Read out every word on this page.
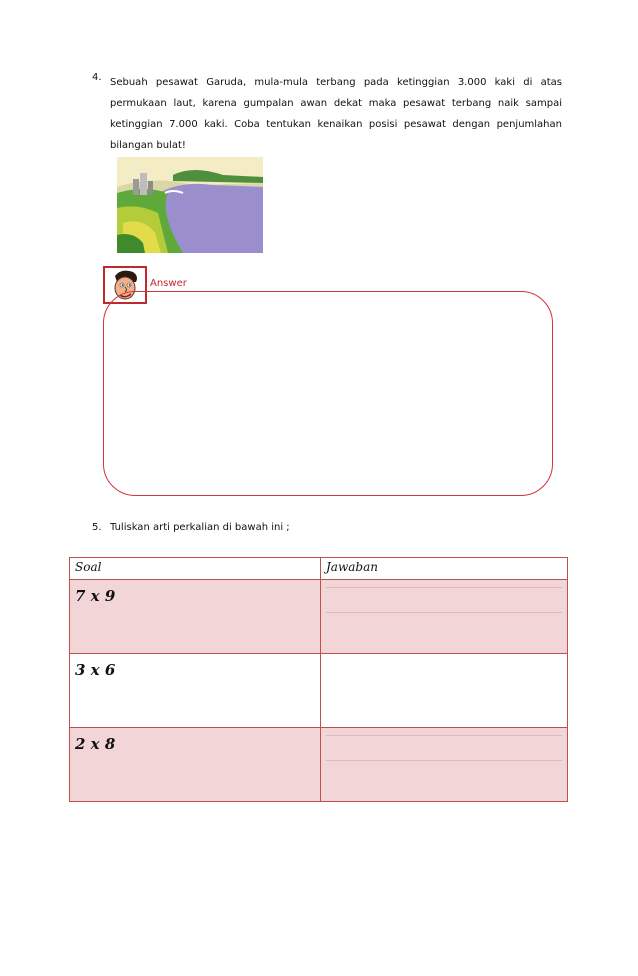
4. Sebuah pesawat Garuda, mula-mula terbang pada ketinggian 3.000 kaki di atas permukaan laut, karena gumpalan awan dekat maka pesawat terbang naik sampai ketinggian 7.000 kaki. Coba tentukan kenaikan posisi pesawat dengan penjumlahan bilangan bulat!
Answer
5. Tuliskan arti perkalian di bawah ini ;
Soal	Jawaban

7 x 9	

3 x 6	

2 x 8	
